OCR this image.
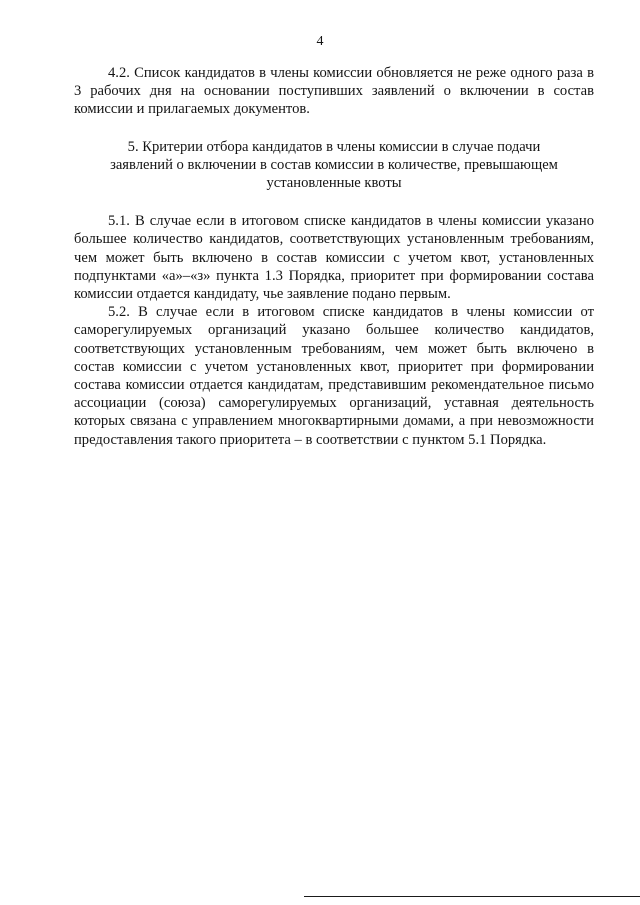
4

4.2. Список кандидатов в члены комиссии обновляется не реже одного раза в 3 рабочих дня на основании поступивших заявлений о включении в состав комиссии и прилагаемых документов.

5. Критерии отбора кандидатов в члены комиссии в случае подачи заявлений о включении в состав комиссии в количестве, превышающем установленные квоты

5.1. В случае если в итоговом списке кандидатов в члены комиссии указано большее количество кандидатов, соответствующих установленным требованиям, чем может быть включено в состав комиссии с учетом квот, установленных подпунктами «а»–«з» пункта 1.3 Порядка, приоритет при формировании состава комиссии отдается кандидату, чье заявление подано первым.

5.2. В случае если в итоговом списке кандидатов в члены комиссии от саморегулируемых организаций указано большее количество кандидатов, соответствующих установленным требованиям, чем может быть включено в состав комиссии с учетом установленных квот, приоритет при формировании состава комиссии отдается кандидатам, представившим рекомендательное письмо ассоциации (союза) саморегулируемых организаций, уставная деятельность которых связана с управлением многоквартирными домами, а при невозможности предоставления такого приоритета – в соответствии с пунктом 5.1 Порядка.
